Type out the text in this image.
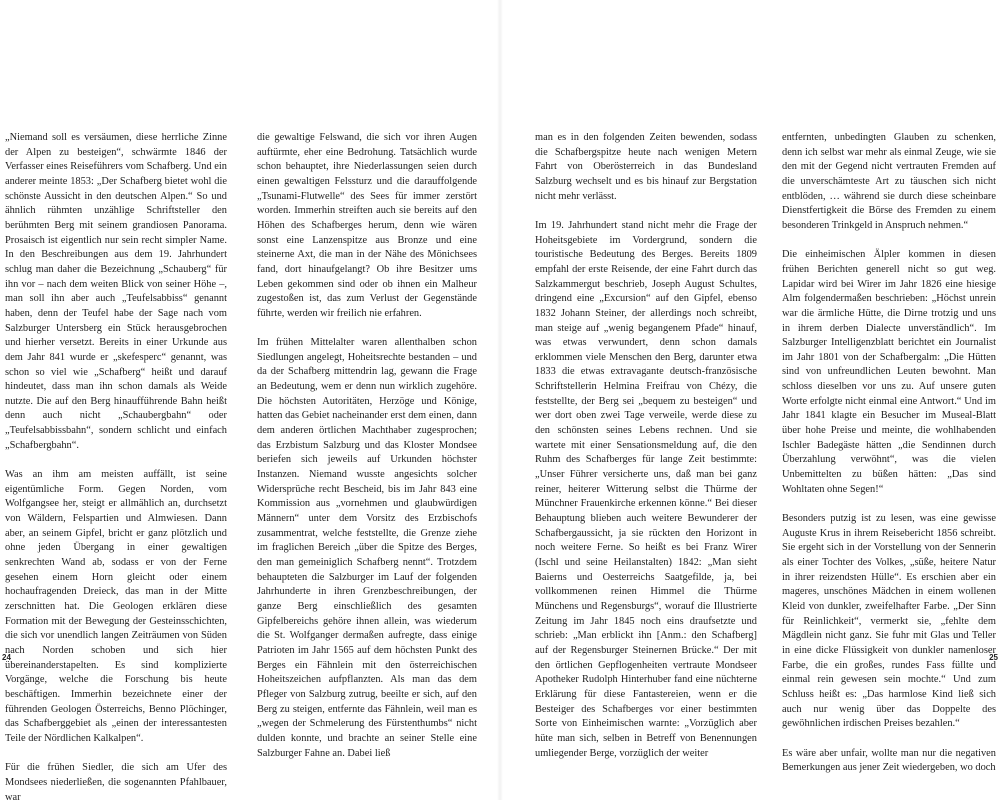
„Niemand soll es versäumen, diese herrliche Zinne der Alpen zu besteigen“, schwärmte 1846 der Verfasser eines Reiseführers vom Schafberg. Und ein anderer meinte 1853: „Der Schafberg bietet wohl die schönste Aussicht in den deutschen Alpen.“ So und ähnlich rühmten unzählige Schriftsteller den berühmten Berg mit seinem grandiosen Panorama. Prosaisch ist eigentlich nur sein recht simpler Name. In den Beschreibungen aus dem 19. Jahrhundert schlug man daher die Bezeichnung „Schauberg“ für ihn vor – nach dem weiten Blick von seiner Höhe –, man soll ihn aber auch „Teufelsabbiss“ genannt haben, denn der Teufel habe der Sage nach vom Salzburger Untersberg ein Stück herausgebrochen und hierher versetzt. Bereits in einer Urkunde aus dem Jahr 841 wurde er „skefesperc“ genannt, was schon so viel wie „Schafberg“ heißt und darauf hindeutet, dass man ihn schon damals als Weide nutzte. Die auf den Berg hinaufführende Bahn heißt denn auch nicht „Schaubergbahn“ oder „Teufelsabbissbahn“, sondern schlicht und einfach „Schafbergbahn“.

Was an ihm am meisten auffällt, ist seine eigentümliche Form. Gegen Norden, vom Wolfgangsee her, steigt er allmählich an, durchsetzt von Wäldern, Felspartien und Almwiesen. Dann aber, an seinem Gipfel, bricht er ganz plötzlich und ohne jeden Übergang in einer gewaltigen senkrechten Wand ab, sodass er von der Ferne gesehen einem Horn gleicht oder einem hochaufragenden Dreieck, das man in der Mitte zerschnitten hat. Die Geologen erklären diese Formation mit der Bewegung der Gesteinsschichten, die sich vor unendlich langen Zeiträumen von Süden nach Norden schoben und sich hier übereinanderstapelten. Es sind komplizierte Vorgänge, welche die Forschung bis heute beschäftigen. Immerhin bezeichnete einer der führenden Geologen Österreichs, Benno Plöchinger, das Schafberggebiet als „einen der interessantesten Teile der Nördlichen Kalkalpen“.

Für die frühen Siedler, die sich am Ufer des Mondsees niederließen, die sogenannten Pfahlbauer, war

die gewaltige Felswand, die sich vor ihren Augen auftürmte, eher eine Bedrohung. Tatsächlich wurde schon behauptet, ihre Niederlassungen seien durch einen gewaltigen Felssturz und die darauffolgende „Tsunami-Flutwelle“ des Sees für immer zerstört worden. Immerhin streiften auch sie bereits auf den Höhen des Schafberges herum, denn wie wären sonst eine Lanzenspitze aus Bronze und eine steinerne Axt, die man in der Nähe des Mönichsees fand, dort hinaufgelangt? Ob ihre Besitzer ums Leben gekommen sind oder ob ihnen ein Malheur zugestoßen ist, das zum Verlust der Gegenstände führte, werden wir freilich nie erfahren.

Im frühen Mittelalter waren allenthalben schon Siedlungen angelegt, Hoheitsrechte bestanden – und da der Schafberg mittendrin lag, gewann die Frage an Bedeutung, wem er denn nun wirklich zugehöre. Die höchsten Autoritäten, Herzöge und Könige, hatten das Gebiet nacheinander erst dem einen, dann dem anderen örtlichen Machthaber zugesprochen; das Erzbistum Salzburg und das Kloster Mondsee beriefen sich jeweils auf Urkunden höchster Instanzen. Niemand wusste angesichts solcher Widersprüche recht Bescheid, bis im Jahr 843 eine Kommission aus „vornehmen und glaubwürdigen Männern“ unter dem Vorsitz des Erzbischofs zusammentrat, welche feststellte, die Grenze ziehe im fraglichen Bereich „über die Spitze des Berges, den man gemeiniglich Schafberg nennt“. Trotzdem behaupteten die Salzburger im Lauf der folgenden Jahrhunderte in ihren Grenzbeschreibungen, der ganze Berg einschließlich des gesamten Gipfelbereichs gehöre ihnen allein, was wiederum die St. Wolfganger dermaßen aufregte, dass einige Patrioten im Jahr 1565 auf dem höchsten Punkt des Berges ein Fähnlein mit den österreichischen Hoheitszeichen aufpflanzten. Als man das dem Pfleger von Salzburg zutrug, beeilte er sich, auf den Berg zu steigen, entfernte das Fähnlein, weil man es „wegen der Schmelerung des Fürstenthumbs“ nicht dulden konnte, und brachte an seiner Stelle eine Salzburger Fahne an. Dabei ließ

24

man es in den folgenden Zeiten bewenden, sodass die Schafbergspitze heute nach wenigen Metern Fahrt von Oberösterreich in das Bundesland Salzburg wechselt und es bis hinauf zur Bergstation nicht mehr verlässt.

Im 19. Jahrhundert stand nicht mehr die Frage der Hoheitsgebiete im Vordergrund, sondern die touristische Bedeutung des Berges. Bereits 1809 empfahl der erste Reisende, der eine Fahrt durch das Salzkammergut beschrieb, Joseph August Schultes, dringend eine „Excursion“ auf den Gipfel, ebenso 1832 Johann Steiner, der allerdings noch schreibt, man steige auf „wenig begangenem Pfade“ hinauf, was etwas verwundert, denn schon damals erklommen viele Menschen den Berg, darunter etwa 1833 die etwas extravagante deutsch-französische Schriftstellerin Helmina Freifrau von Chézy, die feststellte, der Berg sei „bequem zu besteigen“ und wer dort oben zwei Tage verweile, werde diese zu den schönsten seines Lebens rechnen. Und sie wartete mit einer Sensationsmeldung auf, die den Ruhm des Schafberges für lange Zeit bestimmte: „Unser Führer versicherte uns, daß man bei ganz reiner, heiterer Witterung selbst die Thürme der Münchner Frauenkirche erkennen könne.“ Bei dieser Behauptung blieben auch weitere Bewunderer der Schafbergaussicht, ja sie rückten den Horizont in noch weitere Ferne. So heißt es bei Franz Wirer (Ischl und seine Heilanstalten) 1842: „Man sieht Baierns und Oesterreichs Saatgefilde, ja, bei vollkommenen reinen Himmel die Thürme Münchens und Regensburgs“, worauf die Illustrierte Zeitung im Jahr 1845 noch eins draufsetzte und schrieb: „Man erblickt ihn [Anm.: den Schafberg] auf der Regensburger Steinernen Brücke.“ Der mit den örtlichen Gepflogenheiten vertraute Mondseer Apotheker Rudolph Hinterhuber fand eine nüchterne Erklärung für diese Fantastereien, wenn er die Besteiger des Schafberges vor einer bestimmten Sorte von Einheimischen warnte: „Vorzüglich aber hüte man sich, selben in Betreff von Benennungen umliegender Berge, vorzüglich der weiter

entfernten, unbedingten Glauben zu schenken, denn ich selbst war mehr als einmal Zeuge, wie sie den mit der Gegend nicht vertrauten Fremden auf die unverschämteste Art zu täuschen sich nicht entblöden, … während sie durch diese scheinbare Dienstfertigkeit die Börse des Fremden zu einem besonderen Trinkgeld in Anspruch nehmen.“

Die einheimischen Älpler kommen in diesen frühen Berichten generell nicht so gut weg. Lapidar wird bei Wirer im Jahr 1826 eine hiesige Alm folgendermaßen beschrieben: „Höchst unrein war die ärmliche Hütte, die Dirne trotzig und uns in ihrem derben Dialecte unverständlich“. Im Salzburger Intelligenzblatt berichtet ein Journalist im Jahr 1801 von der Schafbergalm: „Die Hütten sind von unfreundlichen Leuten bewohnt. Man schloss dieselben vor uns zu. Auf unsere guten Worte erfolgte nicht einmal eine Antwort.“ Und im Jahr 1841 klagte ein Besucher im Museal-Blatt über hohe Preise und meinte, die wohlhabenden Ischler Badegäste hätten „die Sendinnen durch Überzahlung verwöhnt“, was die vielen Unbemittelten zu büßen hätten: „Das sind Wohltaten ohne Segen!“

Besonders putzig ist zu lesen, was eine gewisse Auguste Krus in ihrem Reisebericht 1856 schreibt. Sie ergeht sich in der Vorstellung von der Sennerin als einer Tochter des Volkes, „süße, heitere Natur in ihrer reizendsten Hülle“. Es erschien aber ein mageres, unschönes Mädchen in einem wollenen Kleid von dunkler, zweifelhafter Farbe. „Der Sinn für Reinlichkeit“, vermerkt sie, „fehlte dem Mägdlein nicht ganz. Sie fuhr mit Glas und Teller in eine dicke Flüssigkeit von dunkler namenloser Farbe, die ein großes, rundes Fass füllte und einmal rein gewesen sein mochte.“ Und zum Schluss heißt es: „Das harmlose Kind ließ sich auch nur wenig über das Doppelte des gewöhnlichen irdischen Preises bezahlen.“

Es wäre aber unfair, wollte man nur die negativen Bemerkungen aus jener Zeit wiedergeben, wo doch

25
